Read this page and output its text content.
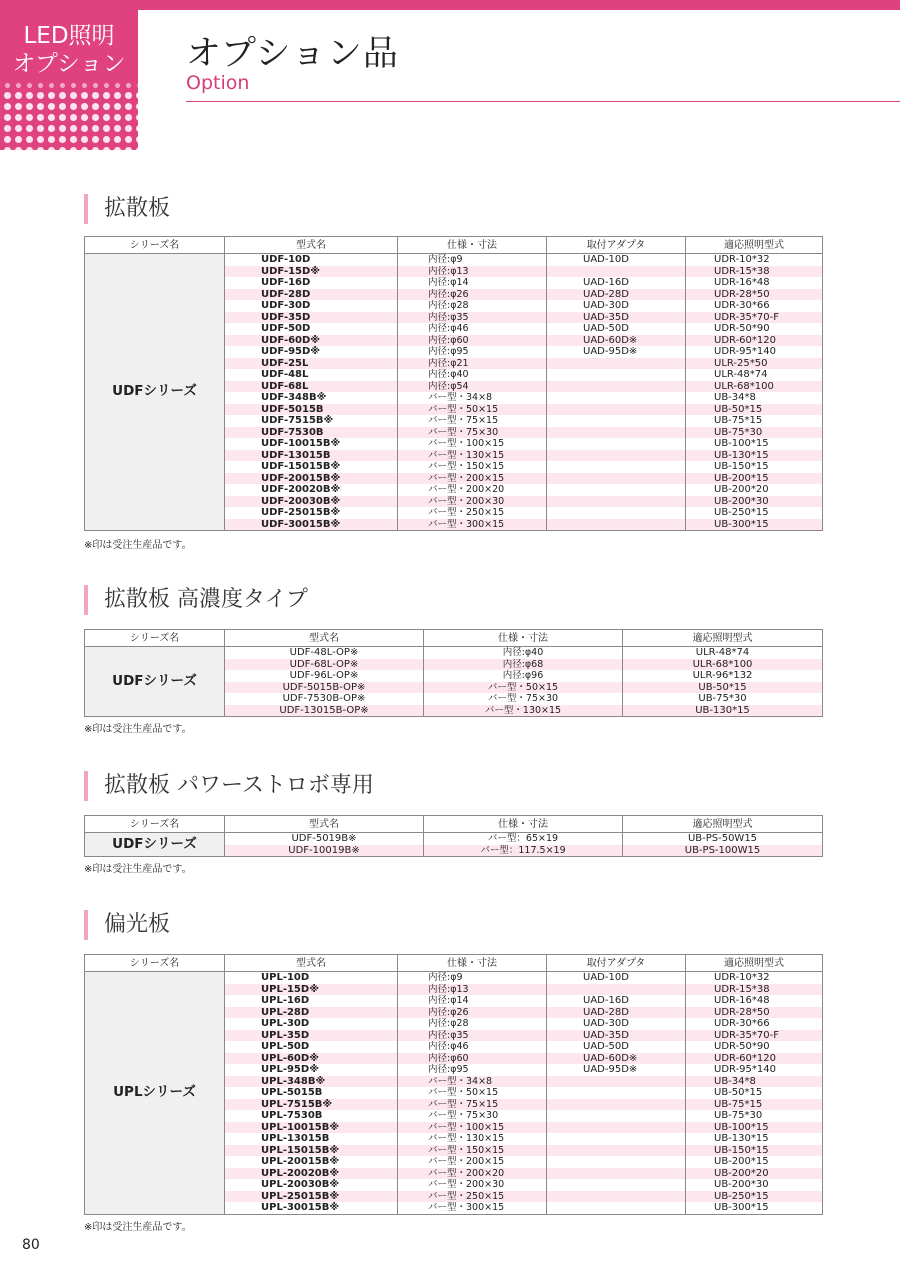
LED照明
オプション	オプション品
Option
拡散板
シリーズ名	型式名	仕様・寸法	取付アダプタ	適応照明型式
UDFシリーズ	UDF-10D	内径:φ9	UAD-10D	UDR-10*32
	UDF-15D※	内径:φ13		UDR-15*38
	UDF-16D	内径:φ14	UAD-16D	UDR-16*48
	UDF-28D	内径:φ26	UAD-28D	UDR-28*50
	UDF-30D	内径:φ28	UAD-30D	UDR-30*66
	UDF-35D	内径:φ35	UAD-35D	UDR-35*70-F
	UDF-50D	内径:φ46	UAD-50D	UDR-50*90
	UDF-60D※	内径:φ60	UAD-60D※	UDR-60*120
	UDF-95D※	内径:φ95	UAD-95D※	UDR-95*140
	UDF-25L	内径:φ21		ULR-25*50
	UDF-48L	内径:φ40		ULR-48*74
	UDF-68L	内径:φ54		ULR-68*100
	UDF-348B※	バー型・34×8		UB-34*8
	UDF-5015B	バー型・50×15		UB-50*15
	UDF-7515B※	バー型・75×15		UB-75*15
	UDF-7530B	バー型・75×30		UB-75*30
	UDF-10015B※	バー型・100×15		UB-100*15
	UDF-13015B	バー型・130×15		UB-130*15
	UDF-15015B※	バー型・150×15		UB-150*15
	UDF-20015B※	バー型・200×15		UB-200*15
	UDF-20020B※	バー型・200×20		UB-200*20
	UDF-20030B※	バー型・200×30		UB-200*30
	UDF-25015B※	バー型・250×15		UB-250*15
	UDF-30015B※	バー型・300×15		UB-300*15
※印は受注生産品です。
拡散板 高濃度タイプ
シリーズ名	型式名	仕様・寸法	適応照明型式
UDFシリーズ	UDF-48L-OP※	内径:φ40	ULR-48*74
	UDF-68L-OP※	内径:φ68	ULR-68*100
	UDF-96L-OP※	内径:φ96	ULR-96*132
	UDF-5015B-OP※	バー型・50×15	UB-50*15
	UDF-7530B-OP※	バー型・75×30	UB-75*30
	UDF-13015B-OP※	バー型・130×15	UB-130*15
※印は受注生産品です。
拡散板 パワーストロボ専用
シリーズ名	型式名	仕様・寸法	適応照明型式
UDFシリーズ	UDF-5019B※	バー型：65×19	UB-PS-50W15
	UDF-10019B※	バー型：117.5×19	UB-PS-100W15
※印は受注生産品です。
偏光板
シリーズ名	型式名	仕様・寸法	取付アダプタ	適応照明型式
UPLシリーズ	UPL-10D	内径:φ9	UAD-10D	UDR-10*32
	UPL-15D※	内径:φ13		UDR-15*38
	UPL-16D	内径:φ14	UAD-16D	UDR-16*48
	UPL-28D	内径:φ26	UAD-28D	UDR-28*50
	UPL-30D	内径:φ28	UAD-30D	UDR-30*66
	UPL-35D	内径:φ35	UAD-35D	UDR-35*70-F
	UPL-50D	内径:φ46	UAD-50D	UDR-50*90
	UPL-60D※	内径:φ60	UAD-60D※	UDR-60*120
	UPL-95D※	内径:φ95	UAD-95D※	UDR-95*140
	UPL-348B※	バー型・34×8		UB-34*8
	UPL-5015B	バー型・50×15		UB-50*15
	UPL-7515B※	バー型・75×15		UB-75*15
	UPL-7530B	バー型・75×30		UB-75*30
	UPL-10015B※	バー型・100×15		UB-100*15
	UPL-13015B	バー型・130×15		UB-130*15
	UPL-15015B※	バー型・150×15		UB-150*15
	UPL-20015B※	バー型・200×15		UB-200*15
	UPL-20020B※	バー型・200×20		UB-200*20
	UPL-20030B※	バー型・200×30		UB-200*30
	UPL-25015B※	バー型・250×15		UB-250*15
	UPL-30015B※	バー型・300×15		UB-300*15
※印は受注生産品です。
80
